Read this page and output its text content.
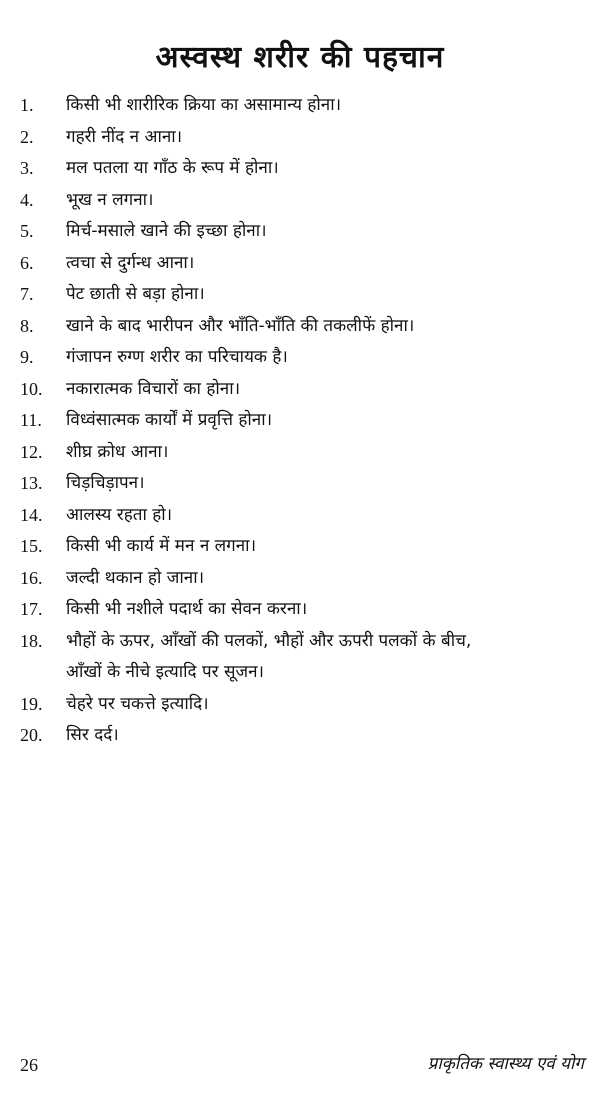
अस्वस्थ शरीर की पहचान
1.	किसी भी शारीरिक क्रिया का असामान्य होना।
2.	गहरी नींद न आना।
3.	मल पतला या गाँठ के रूप में होना।
4.	भूख न लगना।
5.	मिर्च-मसाले खाने की इच्छा होना।
6.	त्वचा से दुर्गन्ध आना।
7.	पेट छाती से बड़ा होना।
8.	खाने के बाद भारीपन और भाँति-भाँति की तकलीफें होना।
9.	गंजापन रुग्ण शरीर का परिचायक है।
10.	नकारात्मक विचारों का होना।
11.	विध्वंसात्मक कार्यों में प्रवृत्ति होना।
12.	शीघ्र क्रोध आना।
13.	चिड़चिड़ापन।
14.	आलस्य रहता हो।
15.	किसी भी कार्य में मन न लगना।
16.	जल्दी थकान हो जाना।
17.	किसी भी नशीले पदार्थ का सेवन करना।
18.	भौहों के ऊपर, आँखों की पलकों, भौहों और ऊपरी पलकों के बीच,
आँखों के नीचे इत्यादि पर सूजन।
19.	चेहरे पर चकत्ते इत्यादि।
20.	सिर दर्द।
26	प्राकृतिक स्वास्थ्य एवं योग
